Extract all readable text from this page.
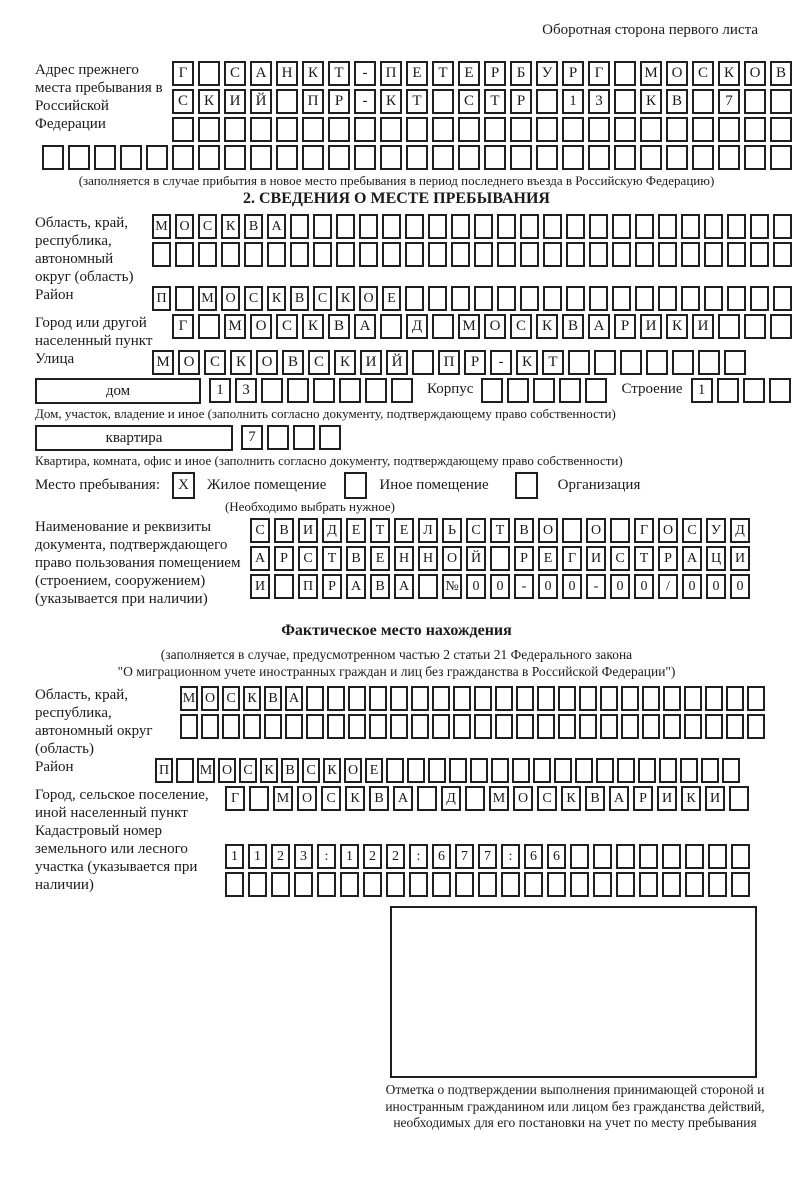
Оборотная сторона первого листа
Адрес прежнего места пребывания в Российской Федерации
Г	С	А	Н	К	Т	-	П	Е	Т	Е	Р	Б	У	Р	Г	М О	С	К	О	В
С	К	И	Й	П	Р	-	К	Т	С	Т	Р	1	3	К	В	7
(заполняется в случае прибытия в новое место пребывания в период последнего въезда в Российскую Федерацию)
2. СВЕДЕНИЯ О МЕСТЕ ПРЕБЫВАНИЯ
Область, край, республика, автономный округ (область)
М О С К В А
Район	П	М О С К В С К О Е
Город или другой населенный пункт
Г	М О	С	К	В	А	Д	М О	С	К	В	А	Р	И	К	И
Улица	М О	С	К	О	В	С	К	И	Й	П	Р	-	К	Т
дом	1	3	Корпус	Строение	1
Дом, участок, владение и иное (заполнить согласно документу, подтверждающему право собственности)
квартира	7
Квартира, комната, офис и иное (заполнить согласно документу, подтверждающему право собственности)
Место пребывания:	X	Жилое помещение	Иное помещение	Организация
(Необходимо выбрать нужное)
Наименование и реквизиты документа, подтверждающего право пользования помещением (строением, сооружением) (указывается при наличии)
С	В	И	Д	Е	Т	Е	Л	Ь	С	Т	В	О	О	Г	О	С	У	Д
А	Р	С	Т	В	Е	Н Н О Й	Р	Е	Г	И	С	Т	Р	А Ц И
И	П	Р	А	В	А	№ 0	0	-	0	0	-	0	0	/	0	0	0
Фактическое место нахождения
(заполняется в случае, предусмотренном частью 2 статьи 21 Федерального закона
"О миграционном учете иностранных граждан и лиц без гражданства в Российской Федерации")
Область, край, республика, автономный округ (область)
М О С К В А
Район	П М О С К В С К О Е
Город, сельское поселение, иной населенный пункт
Г	М О	С	К	В	А	Д	М О	С	К	В	А	Р	И	К	И
Кадастровый номер земельного или лесного участка (указывается при наличии)
1	1	2	3	:	1	2	2	:	6	7	7	:	6	6
Отметка о подтверждении выполнения принимающей стороной и иностранным гражданином или лицом без гражданства действий, необходимых для его постановки на учет по месту пребывания
